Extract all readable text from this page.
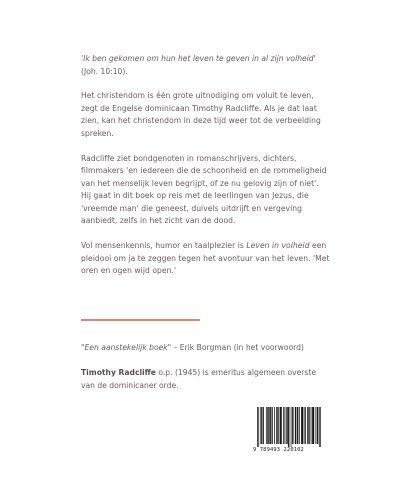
'Ik ben gekomen om hun het leven te geven in al zijn volheid' (Joh. 10:10).

Het christendom is één grote uitnodiging om voluit te leven, zegt de Engelse dominicaan Timothy Radcliffe. Als je dat laat zien, kan het christendom in deze tijd weer tot de verbeelding spreken.

Radcliffe ziet bondgenoten in romanschrijvers, dichters, filmmakers 'en iedereen die de schoonheid en de rommeligheid van het menselijk leven begrijpt, of ze nu gelovig zijn of niet'. Hij gaat in dit boek op reis met de leerlingen van Jezus, die 'vreemde man' die geneest, duivels uitdrijft en vergeving aanbiedt, zelfs in het zicht van de dood.

Vol mensenkennis, humor en taalplezier is Leven in volheid een pleidooi om ja te zeggen tegen het avontuur van het leven. 'Met oren en ogen wijd open.'

"Een aanstekelijk boek" – Erik Borgman (in het voorwoord)
Timothy Radcliffe o.p. (1945) is emeritus algemeen overste van de dominicaner orde.
9 789493 220102
